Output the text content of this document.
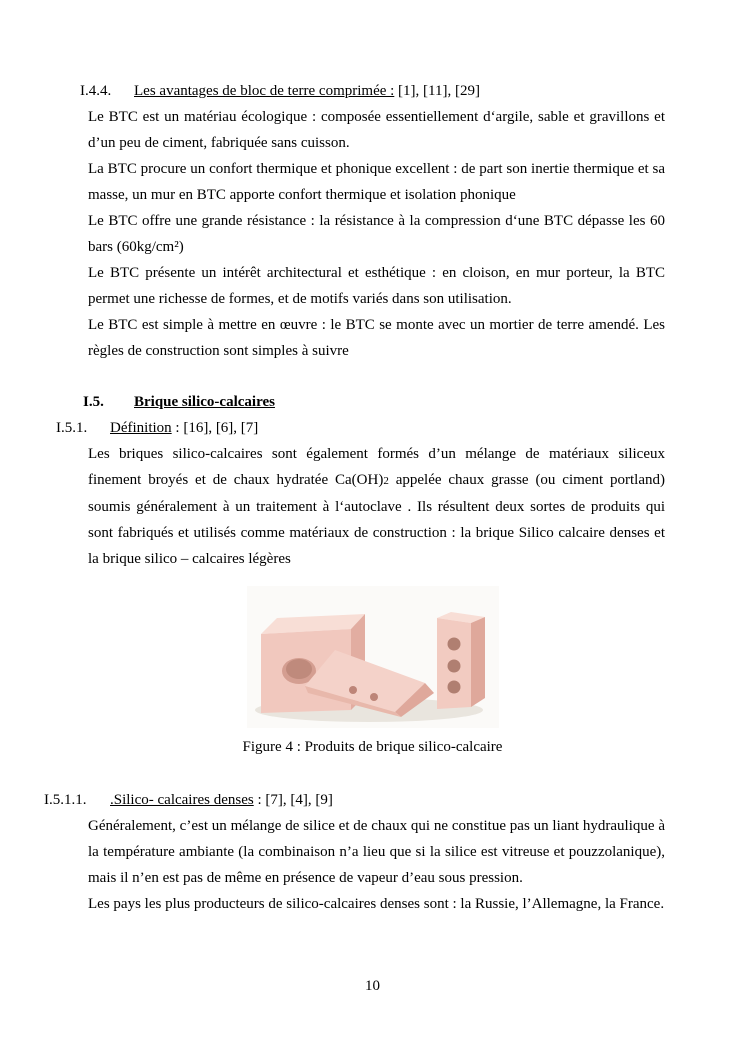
I.4.4. Les avantages de bloc de terre comprimée : [1], [11], [29]

Le BTC est un matériau écologique : composée essentiellement d‘argile, sable et gravillons et d’un peu de ciment, fabriquée sans cuisson.

La BTC procure un confort thermique et phonique excellent : de part son inertie thermique et sa masse, un mur en BTC apporte confort thermique et isolation phonique

Le BTC offre une grande résistance : la résistance à la compression d‘une BTC dépasse les 60 bars (60kg/cm²)

Le BTC présente un intérêt architectural et esthétique : en cloison, en mur porteur, la BTC permet une richesse de formes, et de motifs variés dans son utilisation.

Le BTC est simple à mettre en œuvre : le BTC se monte avec un mortier de terre amendé. Les règles de construction sont simples à suivre

I.5. Brique silico-calcaires
I.5.1. Définition : [16], [6], [7]

Les briques silico-calcaires sont également formés d’un mélange de matériaux siliceux finement broyés et de chaux hydratée Ca(OH)2 appelée chaux grasse (ou ciment portland) soumis généralement à un traitement à l‘autoclave . Ils résultent deux sortes de produits qui sont fabriqués et utilisés comme matériaux de construction : la brique Silico calcaire denses et la brique silico – calcaires légères

Figure 4 : Produits de brique silico-calcaire
I.5.1.1. .Silico- calcaires denses : [7], [4], [9]

Généralement, c’est un mélange de silice et de chaux qui ne constitue pas un liant hydraulique à la température ambiante (la combinaison n’a lieu que si la silice est vitreuse et pouzzolanique), mais il n’en est pas de même en présence de vapeur d’eau sous pression.

Les pays les plus producteurs de silico-calcaires denses sont : la Russie, l’Allemagne, la France.

10
